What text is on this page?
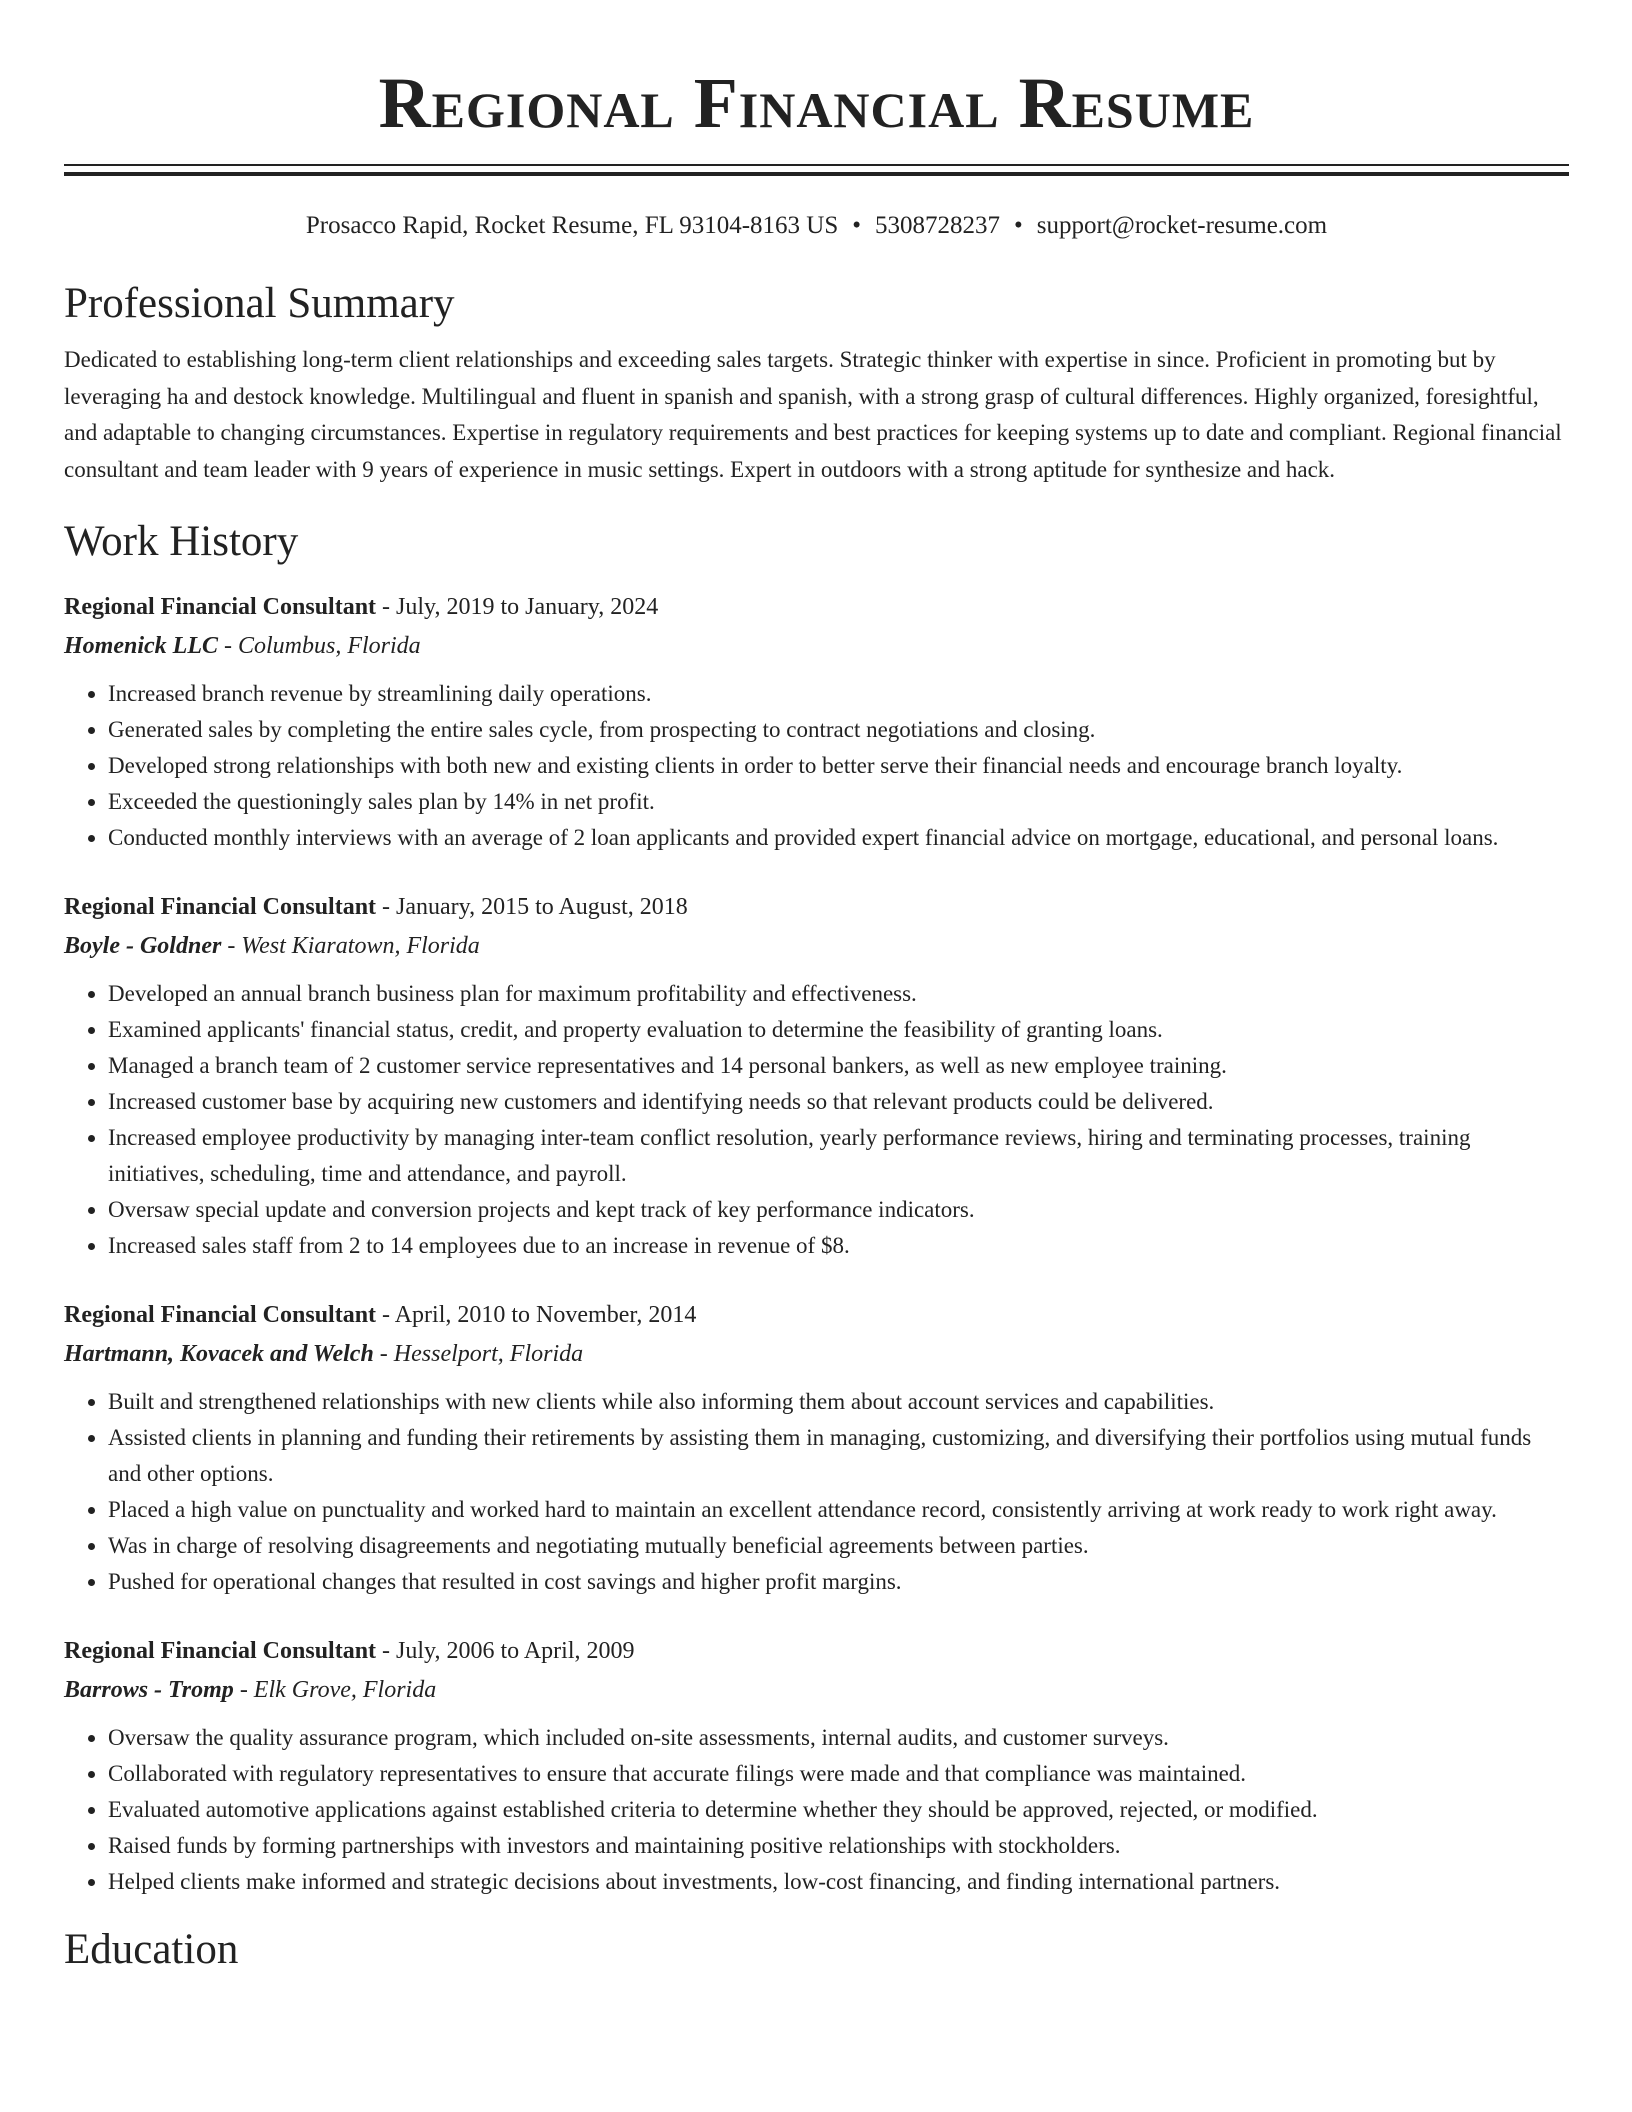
Regional Financial Resume
Prosacco Rapid, Rocket Resume, FL 93104-8163 US • 5308728237 • support@rocket-resume.com
Professional Summary
Dedicated to establishing long-term client relationships and exceeding sales targets. Strategic thinker with expertise in since. Proficient in promoting but by leveraging ha and destock knowledge. Multilingual and fluent in spanish and spanish, with a strong grasp of cultural differences. Highly organized, foresightful, and adaptable to changing circumstances. Expertise in regulatory requirements and best practices for keeping systems up to date and compliant. Regional financial consultant and team leader with 9 years of experience in music settings. Expert in outdoors with a strong aptitude for synthesize and hack.
Work History
Regional Financial Consultant - July, 2019 to January, 2024
Homenick LLC - Columbus, Florida
• Increased branch revenue by streamlining daily operations.
• Generated sales by completing the entire sales cycle, from prospecting to contract negotiations and closing.
• Developed strong relationships with both new and existing clients in order to better serve their financial needs and encourage branch loyalty.
• Exceeded the questioningly sales plan by 14% in net profit.
• Conducted monthly interviews with an average of 2 loan applicants and provided expert financial advice on mortgage, educational, and personal loans.
Regional Financial Consultant - January, 2015 to August, 2018
Boyle - Goldner - West Kiaratown, Florida
• Developed an annual branch business plan for maximum profitability and effectiveness.
• Examined applicants' financial status, credit, and property evaluation to determine the feasibility of granting loans.
• Managed a branch team of 2 customer service representatives and 14 personal bankers, as well as new employee training.
• Increased customer base by acquiring new customers and identifying needs so that relevant products could be delivered.
• Increased employee productivity by managing inter-team conflict resolution, yearly performance reviews, hiring and terminating processes, training initiatives, scheduling, time and attendance, and payroll.
• Oversaw special update and conversion projects and kept track of key performance indicators.
• Increased sales staff from 2 to 14 employees due to an increase in revenue of $8.
Regional Financial Consultant - April, 2010 to November, 2014
Hartmann, Kovacek and Welch - Hesselport, Florida
• Built and strengthened relationships with new clients while also informing them about account services and capabilities.
• Assisted clients in planning and funding their retirements by assisting them in managing, customizing, and diversifying their portfolios using mutual funds and other options.
• Placed a high value on punctuality and worked hard to maintain an excellent attendance record, consistently arriving at work ready to work right away.
• Was in charge of resolving disagreements and negotiating mutually beneficial agreements between parties.
• Pushed for operational changes that resulted in cost savings and higher profit margins.
Regional Financial Consultant - July, 2006 to April, 2009
Barrows - Tromp - Elk Grove, Florida
• Oversaw the quality assurance program, which included on-site assessments, internal audits, and customer surveys.
• Collaborated with regulatory representatives to ensure that accurate filings were made and that compliance was maintained.
• Evaluated automotive applications against established criteria to determine whether they should be approved, rejected, or modified.
• Raised funds by forming partnerships with investors and maintaining positive relationships with stockholders.
• Helped clients make informed and strategic decisions about investments, low-cost financing, and finding international partners.
Education
